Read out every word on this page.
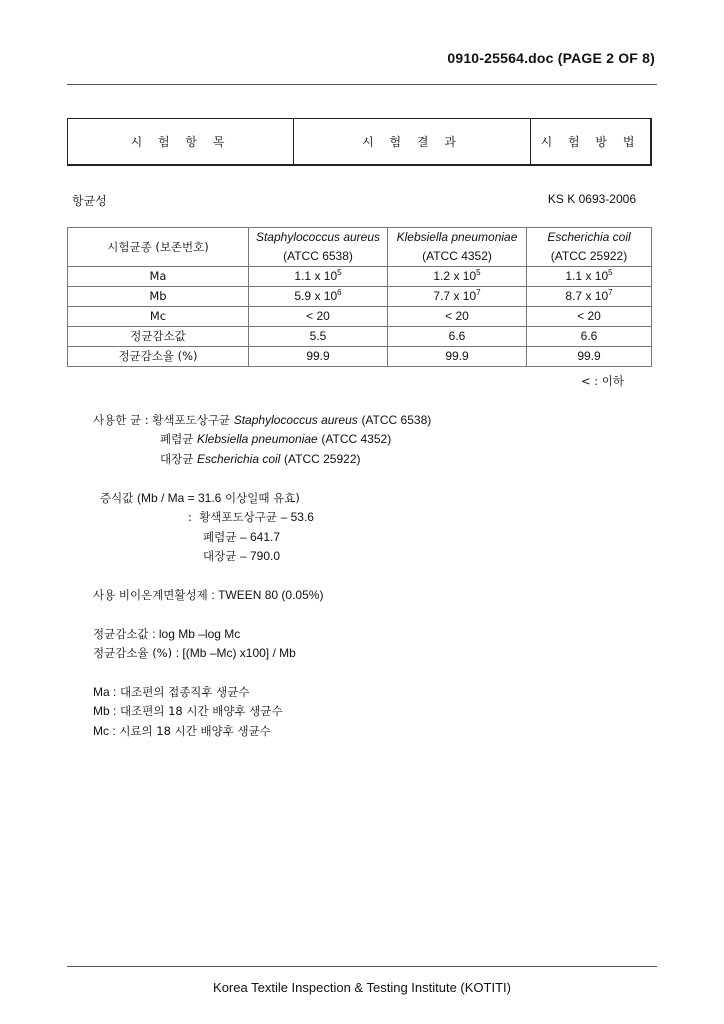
0910-25564.doc (PAGE 2 OF 8)
시 험 항 목	시 험 결 과	시 험 방 법
항균성	KS K 0693-2006
시험균종 (보존번호)	Staphylococcus aureus	Klebsiella pneumoniae	Escherichia coil
	(ATCC 6538)	(ATCC 4352)	(ATCC 25922)
Ma	1.1 x $10^5$	1.2 x $10^5$	1.1 x $10^5$
Mb	5.9 x $10^6$	7.7 x $10^7$	8.7 x $10^7$
Mc	< 20	< 20	< 20
정균감소값	5.5	6.6	6.6
정균감소율 (%)	99.9	99.9	99.9
< : 이하
사용한 균 : 황색포도상구균 Staphylococcus aureus (ATCC 6538)
폐렴균 Klebsiella pneumoniae (ATCC 4352)
대장균 Escherichia coil (ATCC 25922)
증식값 (Mb / Ma = 31.6 이상일때 유효)
: 황색포도상구균 – 53.6
폐렴균 – 641.7
대장균 – 790.0
사용 비이온계면활성제 : TWEEN 80 (0.05%)
정균감소값 : log Mb –log Mc
정균감소율 (%) : [(Mb –Mc) x100] / Mb
Ma : 대조편의 접종직후 생균수
Mb : 대조편의 18 시간 배양후 생균수
Mc : 시료의 18 시간 배양후 생균수
Korea Textile Inspection & Testing Institute (KOTITI)
